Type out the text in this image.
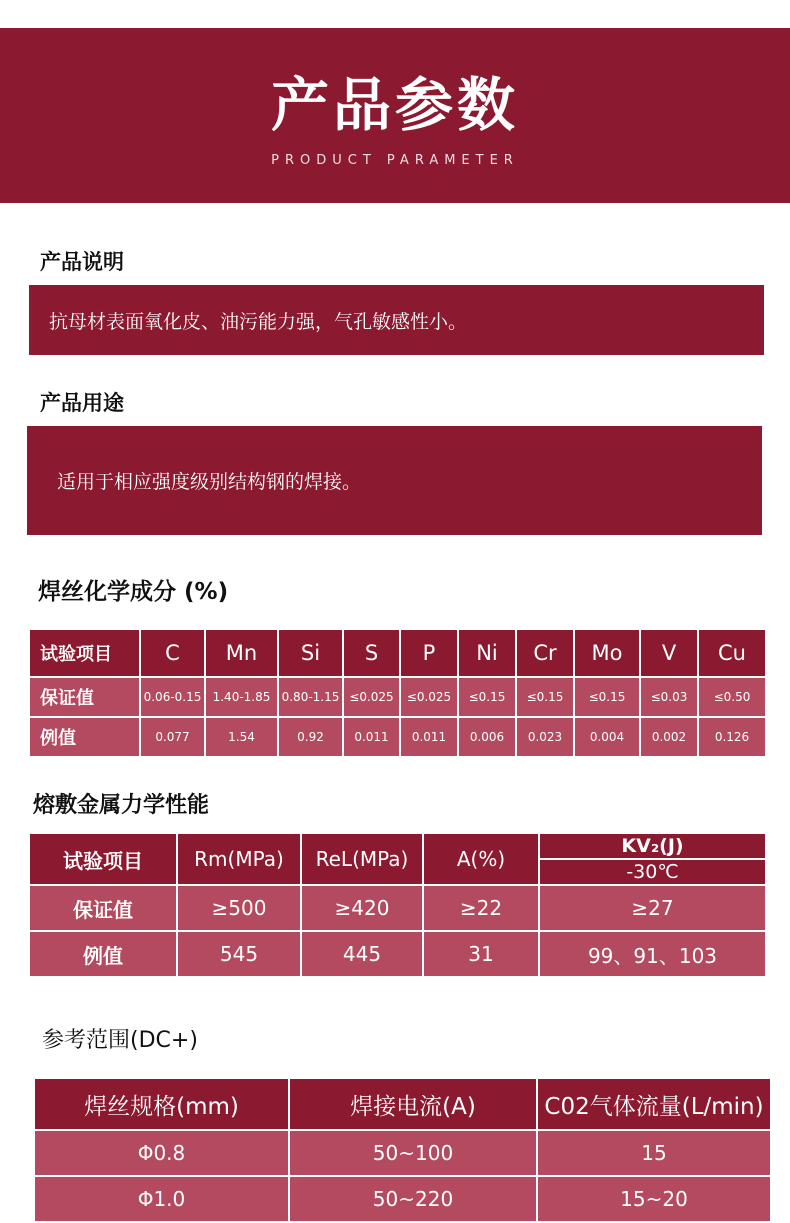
产品参数
PRODUCT PARAMETER
产品说明
抗母材表面氧化皮、油污能力强，气孔敏感性小。
产品用途
适用于相应强度级别结构钢的焊接。
焊丝化学成分 (%)
试验项目	C	Mn	Si	S	P	Ni	Cr	Mo	V	Cu
保证值	0.06-0.15	1.40-1.85	0.80-1.15	≤0.025	≤0.025	≤0.15	≤0.15	≤0.15	≤0.03	≤0.50
例值	0.077	1.54	0.92	0.011	0.011	0.006	0.023	0.004	0.002	0.126
熔敷金属力学性能
试验项目	Rm(MPa)	ReL(MPa)	A(%)	KV₂(J)
-30℃

保证值	≥500	≥420	≥22	≥27
例值	545	445	31	99、91、103
参考范围(DC+)
焊丝规格(mm)	焊接电流(A)	C02气体流量(L/min)
Φ0.8	50~100	15
Φ1.0	50~220	15~20
